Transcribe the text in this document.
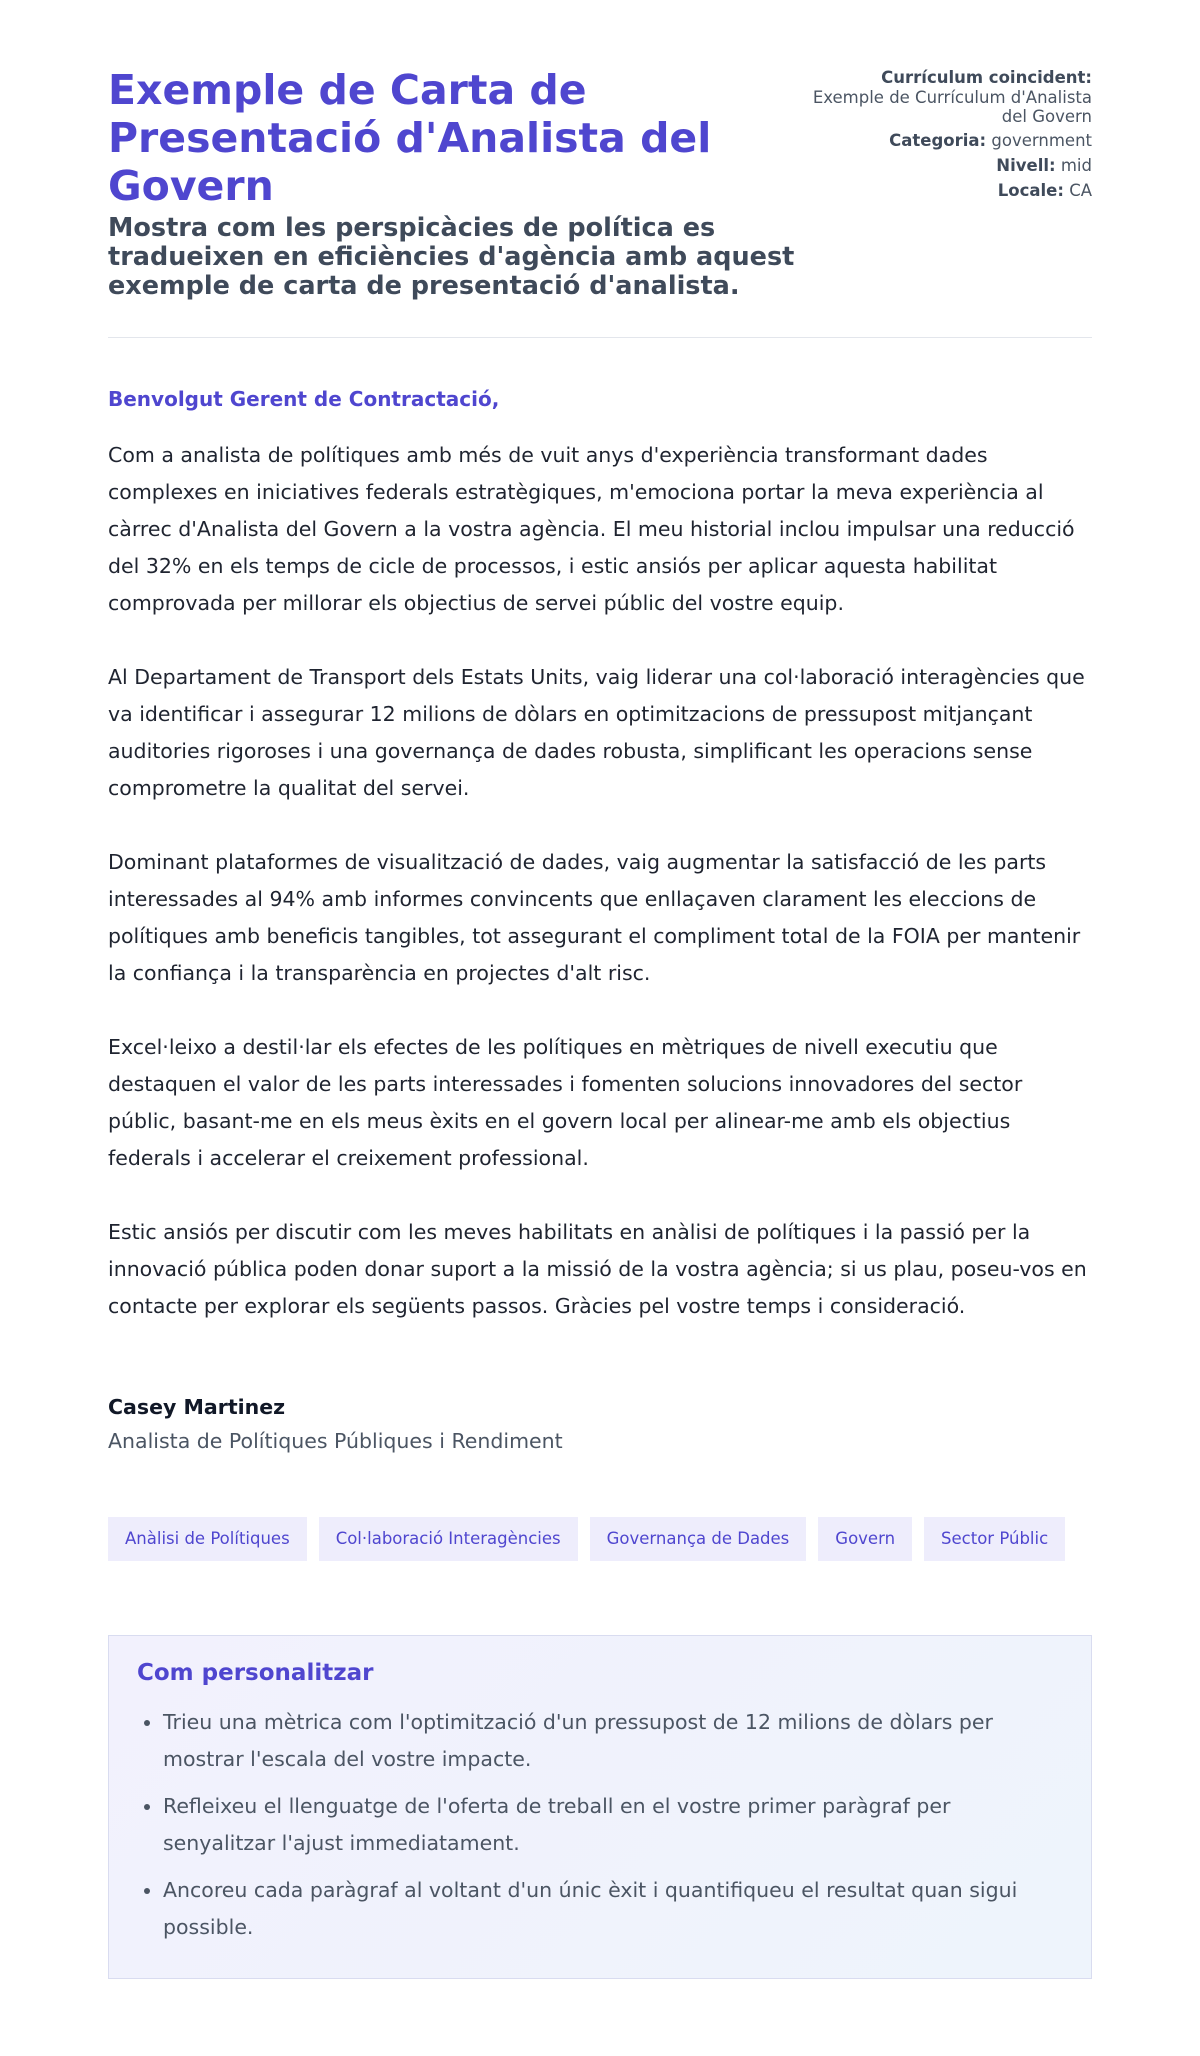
Exemple de Carta de Presentació d'Analista del Govern
Mostra com les perspicàcies de política es tradueixen en eficiències d'agència amb aquest exemple de carta de presentació d'analista.
Currículum coincident:
Exemple de Currículum d'Analista del Govern
Categoria: government
Nivell: mid
Locale: CA

Benvolgut Gerent de Contractació,

Com a analista de polítiques amb més de vuit anys d'experiència transformant dades complexes en iniciatives federals estratègiques, m'emociona portar la meva experiència al càrrec d'Analista del Govern a la vostra agència. El meu historial inclou impulsar una reducció del 32% en els temps de cicle de processos, i estic ansiós per aplicar aquesta habilitat comprovada per millorar els objectius de servei públic del vostre equip.

Al Departament de Transport dels Estats Units, vaig liderar una col·laboració interagències que va identificar i assegurar 12 milions de dòlars en optimitzacions de pressupost mitjançant auditories rigoroses i una governança de dades robusta, simplificant les operacions sense comprometre la qualitat del servei.

Dominant plataformes de visualització de dades, vaig augmentar la satisfacció de les parts interessades al 94% amb informes convincents que enllaçaven clarament les eleccions de polítiques amb beneficis tangibles, tot assegurant el compliment total de la FOIA per mantenir la confiança i la transparència en projectes d'alt risc.

Excel·leixo a destil·lar els efectes de les polítiques en mètriques de nivell executiu que destaquen el valor de les parts interessades i fomenten solucions innovadores del sector públic, basant-me en els meus èxits en el govern local per alinear-me amb els objectius federals i accelerar el creixement professional.

Estic ansiós per discutir com les meves habilitats en anàlisi de polítiques i la passió per la innovació pública poden donar suport a la missió de la vostra agència; si us plau, poseu-vos en contacte per explorar els següents passos. Gràcies pel vostre temps i consideració.

Casey Martinez

Analista de Polítiques Públiques i Rendiment

Anàlisi de Polítiques	Col·laboració Interagències	Governança de Dades	Govern	Sector Públic
Com personalitzar
• Trieu una mètrica com l'optimització d'un pressupost de 12 milions de dòlars per mostrar l'escala del vostre impacte.
• Refleixeu el llenguatge de l'oferta de treball en el vostre primer paràgraf per senyalitzar l'ajust immediatament.
• Ancoreu cada paràgraf al voltant d'un únic èxit i quantifiqueu el resultat quan sigui possible.
